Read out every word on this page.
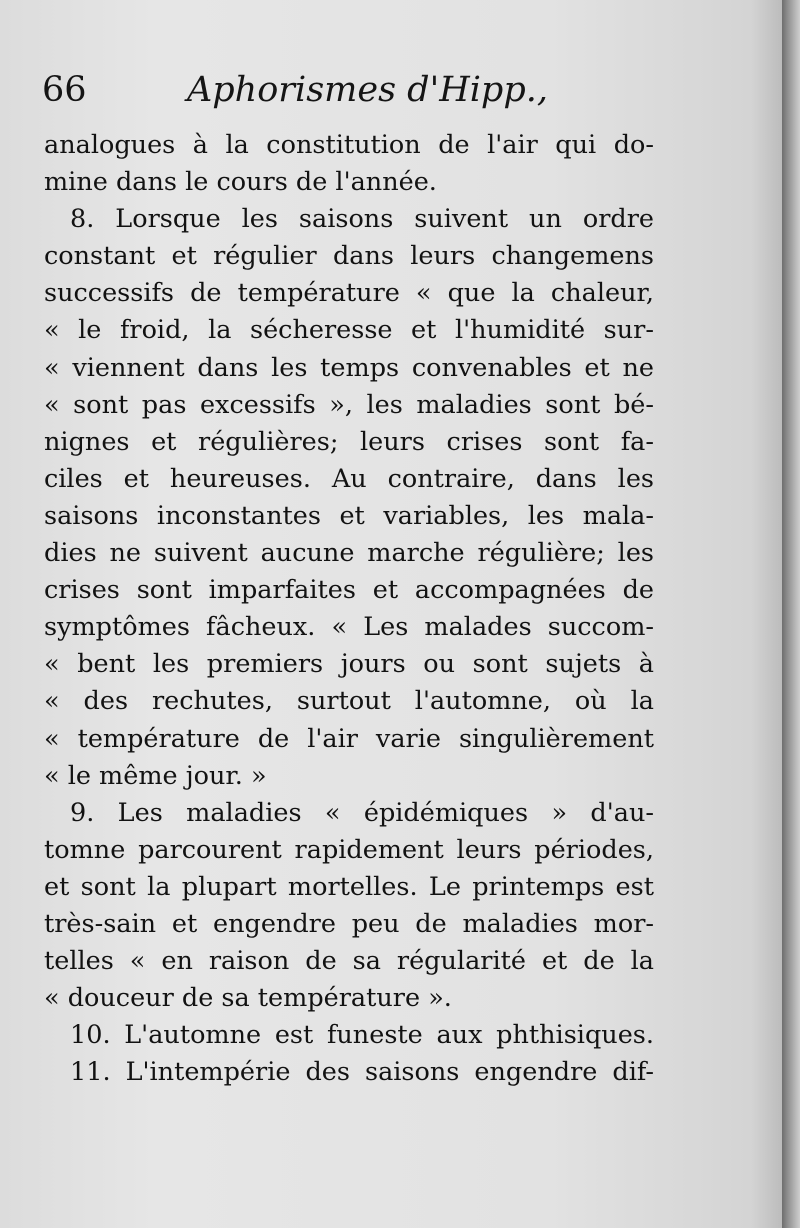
66	Aphorismes d'Hipp.,
analogues à la constitution de l'air qui do-
mine dans le cours de l'année.
8. Lorsque les saisons suivent un ordre
constant et régulier dans leurs changemens
successifs de température « que la chaleur,
« le froid, la sécheresse et l'humidité sur-
« viennent dans les temps convenables et ne
« sont pas excessifs », les maladies sont bé-
nignes et régulières; leurs crises sont fa-
ciles et heureuses. Au contraire, dans les
saisons inconstantes et variables, les mala-
dies ne suivent aucune marche régulière; les
crises sont imparfaites et accompagnées de
symptômes fâcheux. « Les malades succom-
« bent les premiers jours ou sont sujets à
« des rechutes, surtout l'automne, où la
« température de l'air varie singulièrement
« le même jour. »
9. Les maladies « épidémiques » d'au-
tomne parcourent rapidement leurs périodes,
et sont la plupart mortelles. Le printemps est
très-sain et engendre peu de maladies mor-
telles « en raison de sa régularité et de la
« douceur de sa température ».
10. L'automne est funeste aux phthisiques.
11. L'intempérie des saisons engendre dif-
